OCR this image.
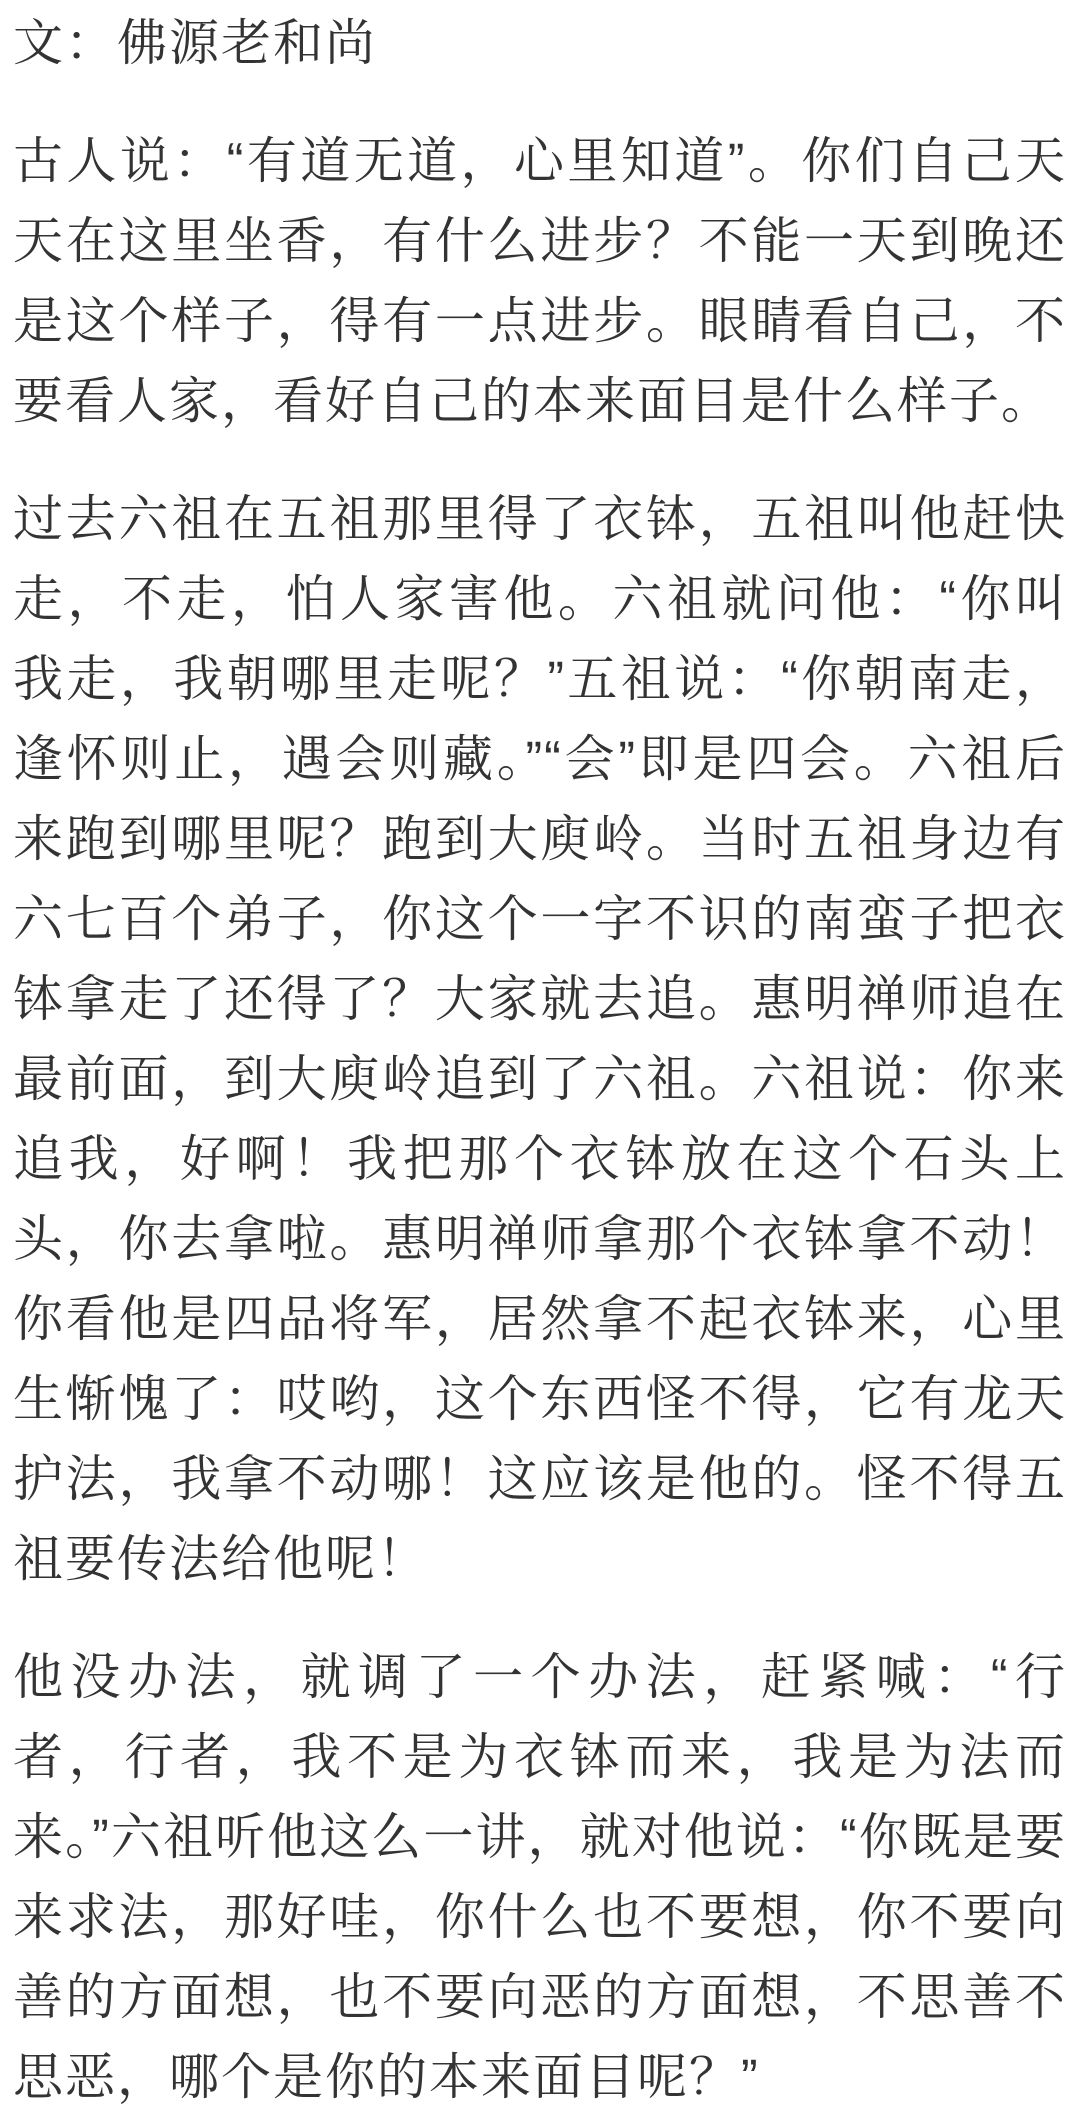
文：佛源老和尚

古人说：“有道无道，心里知道”。你们自己天天在这里坐香，有什么进步？不能一天到晚还是这个样子，得有一点进步。眼睛看自己，不要看人家，看好自己的本来面目是什么样子。

过去六祖在五祖那里得了衣钵，五祖叫他赶快走，不走，怕人家害他。六祖就问他：“你叫我走，我朝哪里走呢？”五祖说：“你朝南走，逢怀则止，遇会则藏。”“会”即是四会。六祖后来跑到哪里呢？跑到大庾岭。当时五祖身边有六七百个弟子，你这个一字不识的南蛮子把衣钵拿走了还得了？大家就去追。惠明禅师追在最前面，到大庾岭追到了六祖。六祖说：你来追我，好啊！我把那个衣钵放在这个石头上头，你去拿啦。惠明禅师拿那个衣钵拿不动！你看他是四品将军，居然拿不起衣钵来，心里生惭愧了：哎哟，这个东西怪不得，它有龙天护法，我拿不动哪！这应该是他的。怪不得五祖要传法给他呢！

他没办法，就调了一个办法，赶紧喊：“行者，行者，我不是为衣钵而来，我是为法而来。”六祖听他这么一讲，就对他说：“你既是要来求法，那好哇，你什么也不要想，你不要向善的方面想，也不要向恶的方面想，不思善不思恶，哪个是你的本来面目呢？”
